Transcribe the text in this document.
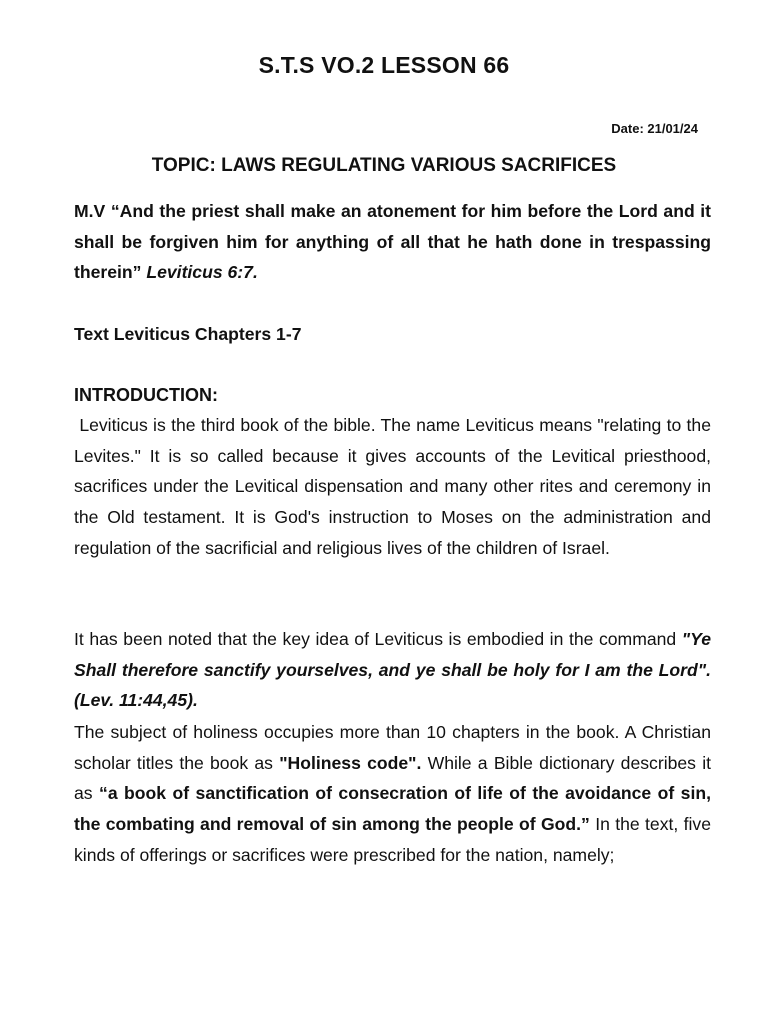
S.T.S VO.2 LESSON 66
Date: 21/01/24
TOPIC: LAWS REGULATING VARIOUS SACRIFICES
M.V “And the priest shall make an atonement for him before the Lord and it shall be forgiven him for anything of all that he hath done in trespassing therein” Leviticus 6:7.
Text Leviticus Chapters 1-7
INTRODUCTION:
Leviticus is the third book of the bible. The name Leviticus means "relating to the Levites." It is so called because it gives accounts of the Levitical priesthood, sacrifices under the Levitical dispensation and many other rites and ceremony in the Old testament. It is God's instruction to Moses on the administration and regulation of the sacrificial and religious lives of the children of Israel.
It has been noted that the key idea of Leviticus is embodied in the command "Ye Shall therefore sanctify yourselves, and ye shall be holy for I am the Lord". (Lev. 11:44,45).
The subject of holiness occupies more than 10 chapters in the book. A Christian scholar titles the book as "Holiness code". While a Bible dictionary describes it as “a book of sanctification of consecration of life of the avoidance of sin, the combating and removal of sin among the people of God.” In the text, five kinds of offerings or sacrifices were prescribed for the nation, namely;
